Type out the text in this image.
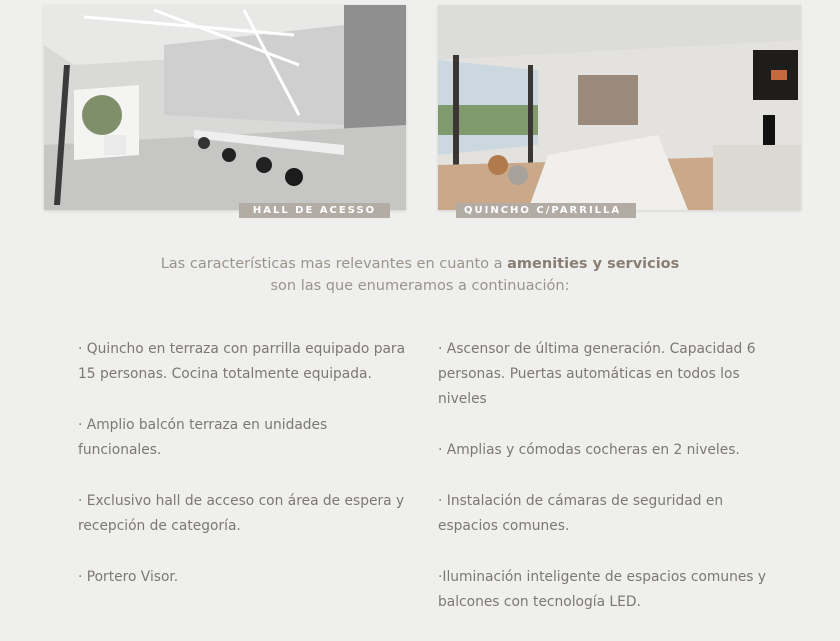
HALL DE ACESSO	QUINCHO C/PARRILLA
Las características mas relevantes en cuanto a amenities y servicios
son las que enumeramos a continuación:
· Quincho en terraza con parrilla equipado para 15 personas. Cocina totalmente equipada.
· Amplio balcón terraza en unidades funcionales.
· Exclusivo hall de acceso con área de espera y recepción de categoría.
· Portero Visor.
· Ascensor de última generación. Capacidad 6 personas. Puertas automáticas en todos los niveles
· Amplias y cómodas cocheras en 2 niveles.
· Instalación de cámaras de seguridad en espacios comunes.
·Iluminación inteligente de espacios comunes y balcones con tecnología LED.
